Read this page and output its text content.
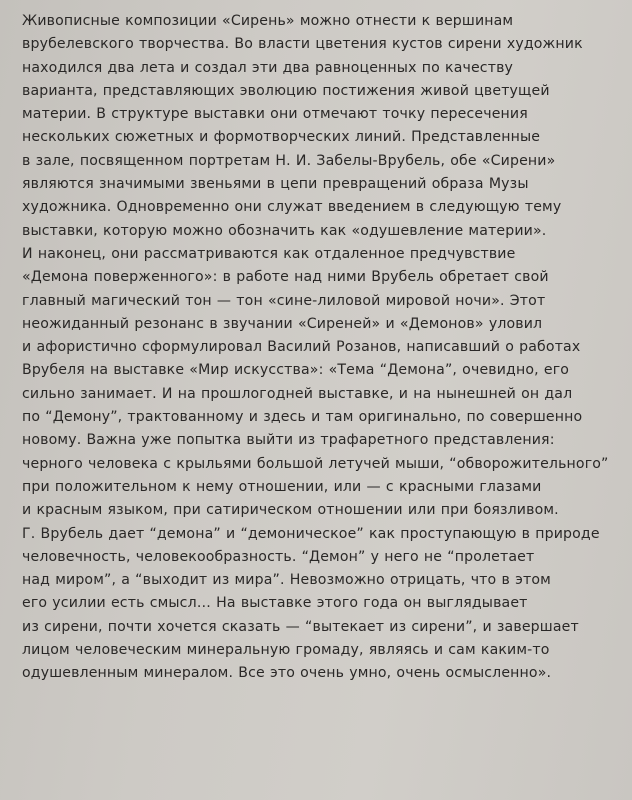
Живописные композиции «Сирень» можно отнести к вершинам
врубелевского творчества. Во власти цветения кустов сирени художник
находился два лета и создал эти два равноценных по качеству
варианта, представляющих эволюцию постижения живой цветущей
материи. В структуре выставки они отмечают точку пересечения
нескольких сюжетных и формотворческих линий. Представленные
в зале, посвященном портретам Н. И. Забелы-Врубель, обе «Сирени»
являются значимыми звеньями в цепи превращений образа Музы
художника. Одновременно они служат введением в следующую тему
выставки, которую можно обозначить как «одушевление материи».
И наконец, они рассматриваются как отдаленное предчувствие
«Демона поверженного»: в работе над ними Врубель обретает свой
главный магический тон — тон «сине-лиловой мировой ночи». Этот
неожиданный резонанс в звучании «Сиреней» и «Демонов» уловил
и афористично сформулировал Василий Розанов, написавший о работах
Врубеля на выставке «Мир искусства»: «Тема “Демона”, очевидно, его
сильно занимает. И на прошлогодней выставке, и на нынешней он дал
по “Демону”, трактованному и здесь и там оригинально, по совершенно
новому. Важна уже попытка выйти из трафаретного представления:
черного человека с крыльями большой летучей мыши, “обворожительного”
при положительном к нему отношении, или — с красными глазами
и красным языком, при сатирическом отношении или при боязливом.
Г. Врубель дает “демона” и “демоническое” как проступающую в природе
человечность, человекообразность. “Демон” у него не “пролетает
над миром”, а “выходит из мира”. Невозможно отрицать, что в этом
его усилии есть смысл… На выставке этого года он выглядывает
из сирени, почти хочется сказать — “вытекает из сирени”, и завершает
лицом человеческим минеральную громаду, являясь и сам каким-то
одушевленным минералом. Все это очень умно, очень осмысленно».
